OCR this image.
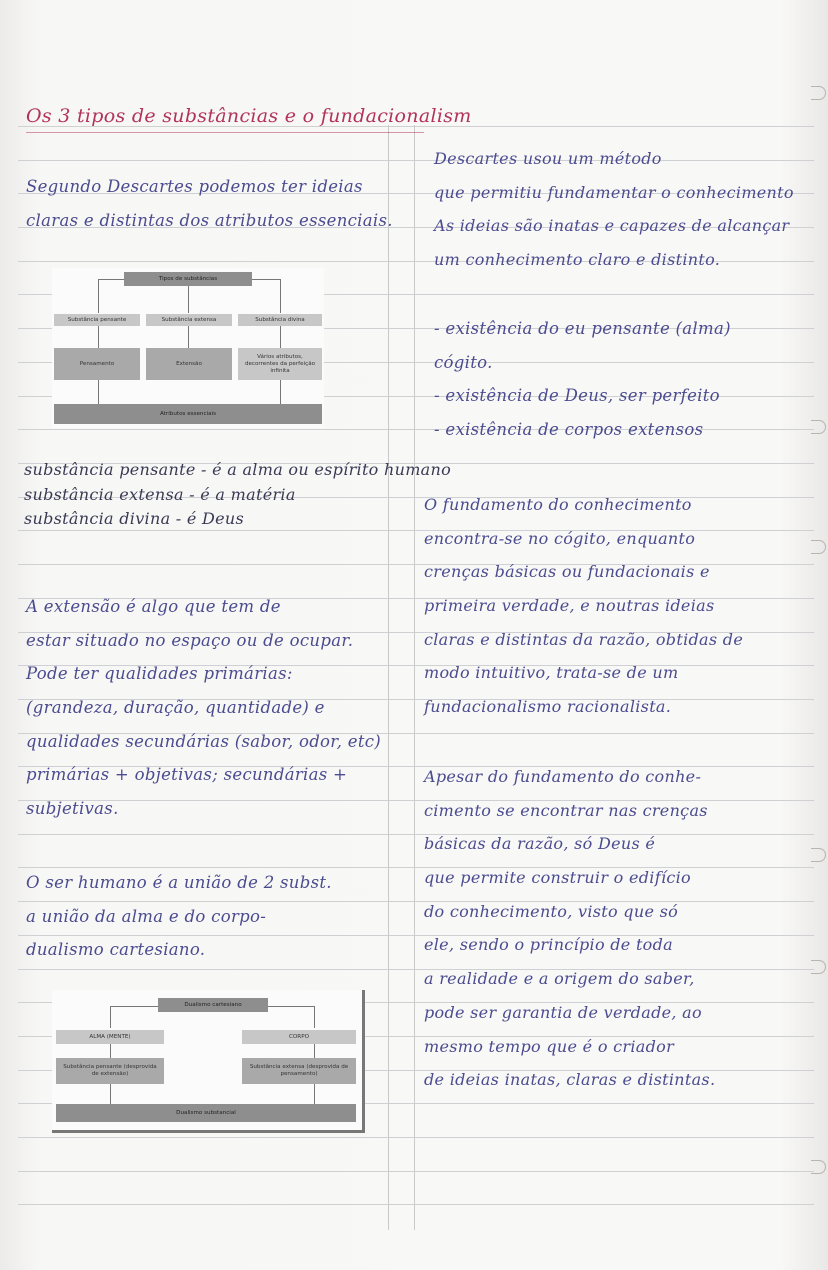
Os 3 tipos de substâncias e o fundacionalism
Segundo Descartes podemos ter ideias
claras e distintas dos atributos essenciais.
Tipos de substâncias
Substância pensante	Substância extensa	Substância divina
Pensamento	Extensão
Vários atributos, decorrentes da perfeição infinita
Atributos essenciais
substância pensante - é a alma ou espírito humano
substância extensa - é a matéria
substância divina - é Deus
A extensão é algo que tem de
estar situado no espaço ou de ocupar.
Pode ter qualidades primárias:
(grandeza, duração, quantidade) e
qualidades secundárias (sabor, odor, etc)
primárias + objetivas; secundárias +
subjetivas.
O ser humano é a união de 2 subst.
a união da alma e do corpo-
dualismo cartesiano.
Dualismo cartesiano
ALMA (MENTE)	CORPO
Substância pensante (desprovida de extensão)
Substância extensa (desprovida de pensamento)
Dualismo substancial
Descartes usou um método
que permitiu fundamentar o conhecimento
As ideias são inatas e capazes de alcançar
um conhecimento claro e distinto.
- existência do eu pensante (alma)
cógito.
- existência de Deus, ser perfeito
- existência de corpos extensos
O fundamento do conhecimento
encontra-se no cógito, enquanto
crenças básicas ou fundacionais e
primeira verdade, e noutras ideias
claras e distintas da razão, obtidas de
modo intuitivo, trata-se de um
fundacionalismo racionalista.
Apesar do fundamento do conhe-
cimento se encontrar nas crenças
básicas da razão, só Deus é
que permite construir o edifício
do conhecimento, visto que só
ele, sendo o princípio de toda
a realidade e a origem do saber,
pode ser garantia de verdade, ao
mesmo tempo que é o criador
de ideias inatas, claras e distintas.
